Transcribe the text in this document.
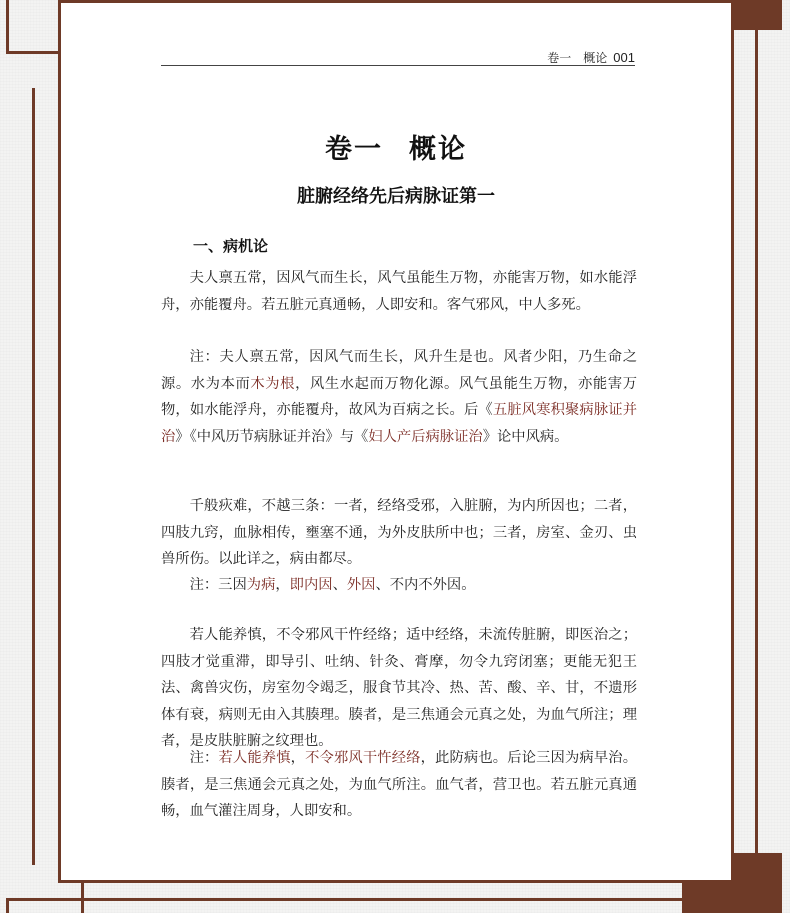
卷一　概论 001
卷一 概论
脏腑经络先后病脉证第一
一、病机论

夫人禀五常，因风气而生长，风气虽能生万物，亦能害万物，如水能浮舟，亦能覆舟。若五脏元真通畅，人即安和。客气邪风，中人多死。

注：夫人禀五常，因风气而生长，风升生是也。风者少阳，乃生命之源。水为本而木为根，风生水起而万物化源。风气虽能生万物，亦能害万物，如水能浮舟，亦能覆舟，故风为百病之长。后《五脏风寒积聚病脉证并治》《中风历节病脉证并治》与《妇人产后病脉证治》论中风病。

千般疢难，不越三条：一者，经络受邪，入脏腑，为内所因也；二者，四肢九窍，血脉相传，壅塞不通，为外皮肤所中也；三者，房室、金刃、虫兽所伤。以此详之，病由都尽。

注：三因为病，即内因、外因、不内不外因。

若人能养慎，不令邪风干忤经络；适中经络，未流传脏腑，即医治之；四肢才觉重滞，即导引、吐纳、针灸、膏摩，勿令九窍闭塞；更能无犯王法、禽兽灾伤，房室勿令竭乏，服食节其冷、热、苦、酸、辛、甘，不遗形体有衰，病则无由入其腠理。腠者，是三焦通会元真之处，为血气所注；理者，是皮肤脏腑之纹理也。

注：若人能养慎，不令邪风干忤经络，此防病也。后论三因为病早治。腠者，是三焦通会元真之处，为血气所注。血气者，营卫也。若五脏元真通畅，血气灌注周身，人即安和。
